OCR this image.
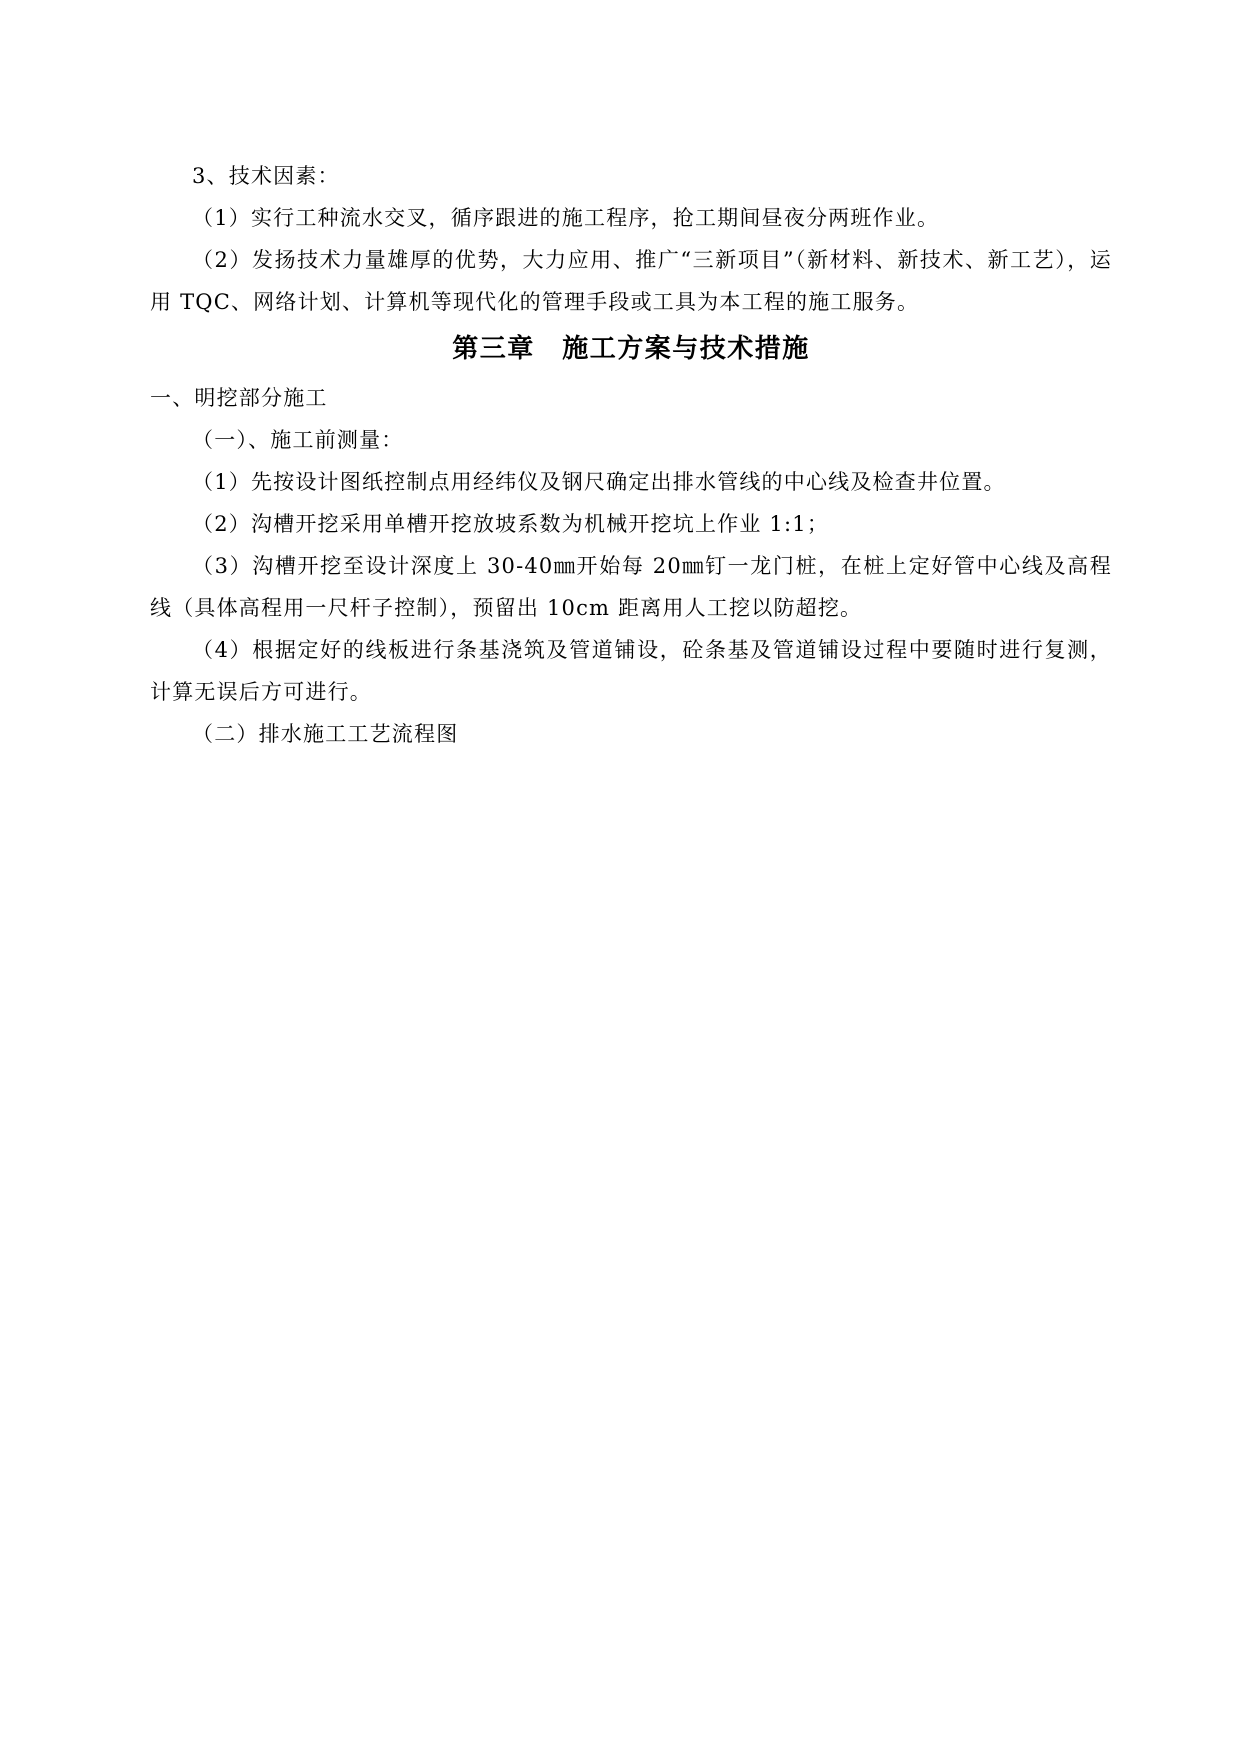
3、技术因素：
（1）实行工种流水交叉，循序跟进的施工程序，抢工期间昼夜分两班作业。
（2）发扬技术力量雄厚的优势，大力应用、推广“三新项目”（新材料、新技术、新工艺），运用 TQC、网络计划、计算机等现代化的管理手段或工具为本工程的施工服务。
第三章　施工方案与技术措施
一、明挖部分施工
（一）、施工前测量：
（1）先按设计图纸控制点用经纬仪及钢尺确定出排水管线的中心线及检查井位置。
（2）沟槽开挖采用单槽开挖放坡系数为机械开挖坑上作业 1:1；
（3）沟槽开挖至设计深度上 30-40㎜开始每 20㎜钉一龙门桩，在桩上定好管中心线及高程线（具体高程用一尺杆子控制），预留出 10cm 距离用人工挖以防超挖。
（4）根据定好的线板进行条基浇筑及管道铺设，砼条基及管道铺设过程中要随时进行复测，计算无误后方可进行。
（二）排水施工工艺流程图
